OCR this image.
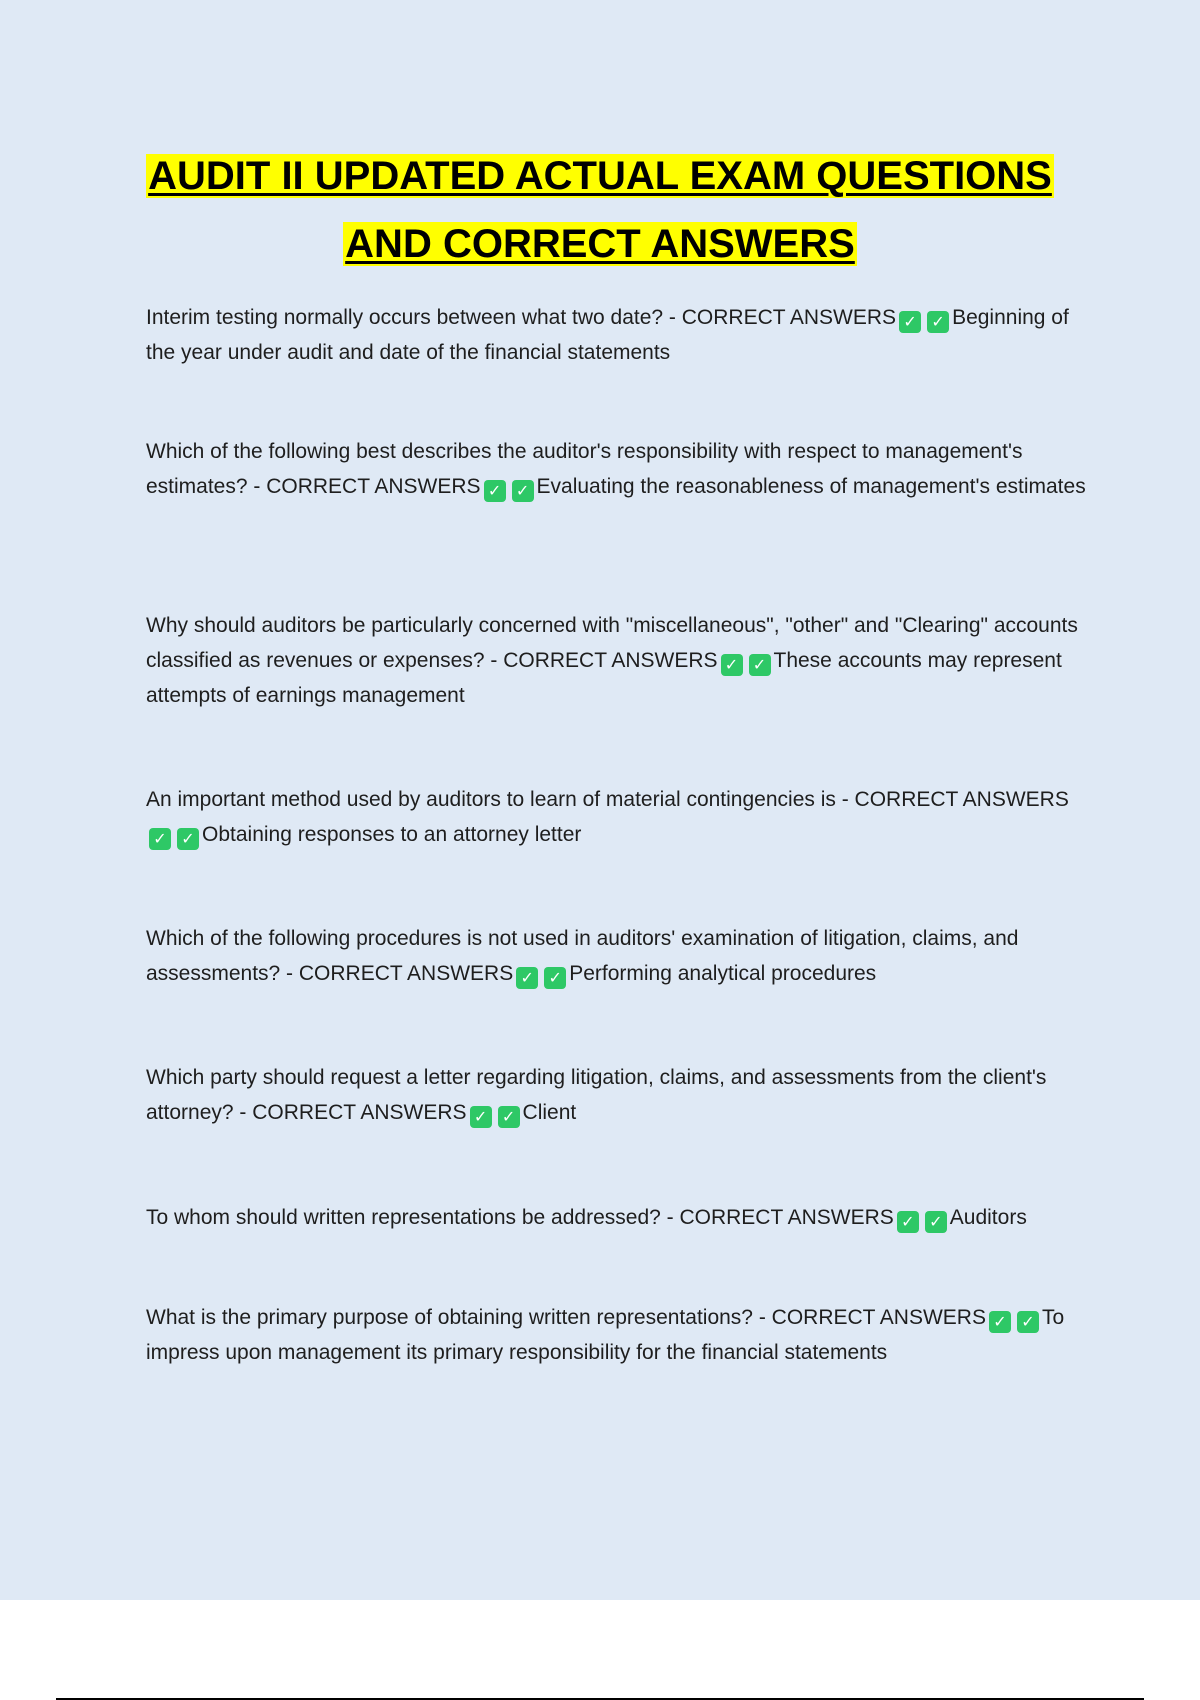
AUDIT II UPDATED ACTUAL EXAM QUESTIONS
AND CORRECT ANSWERS

Interim testing normally occurs between what two date? - CORRECT ANSWERS ✓ ✓ Beginning of the year under audit and date of the financial statements

Which of the following best describes the auditor's responsibility with respect to management's estimates? - CORRECT ANSWERS ✓ ✓ Evaluating the reasonableness of management's estimates

Why should auditors be particularly concerned with "miscellaneous", "other" and "Clearing" accounts classified as revenues or expenses? - CORRECT ANSWERS ✓ ✓ These accounts may represent attempts of earnings management

An important method used by auditors to learn of material contingencies is - CORRECT ANSWERS✓ ✓ Obtaining responses to an attorney letter

Which of the following procedures is not used in auditors' examination of litigation, claims, and assessments? - CORRECT ANSWERS ✓ ✓ Performing analytical procedures

Which party should request a letter regarding litigation, claims, and assessments from the client's attorney? - CORRECT ANSWERS ✓ ✓ Client

To whom should written representations be addressed? - CORRECT ANSWERS ✓ ✓ Auditors

What is the primary purpose of obtaining written representations? - CORRECT ANSWERS ✓ ✓ To impress upon management its primary responsibility for the financial statements
